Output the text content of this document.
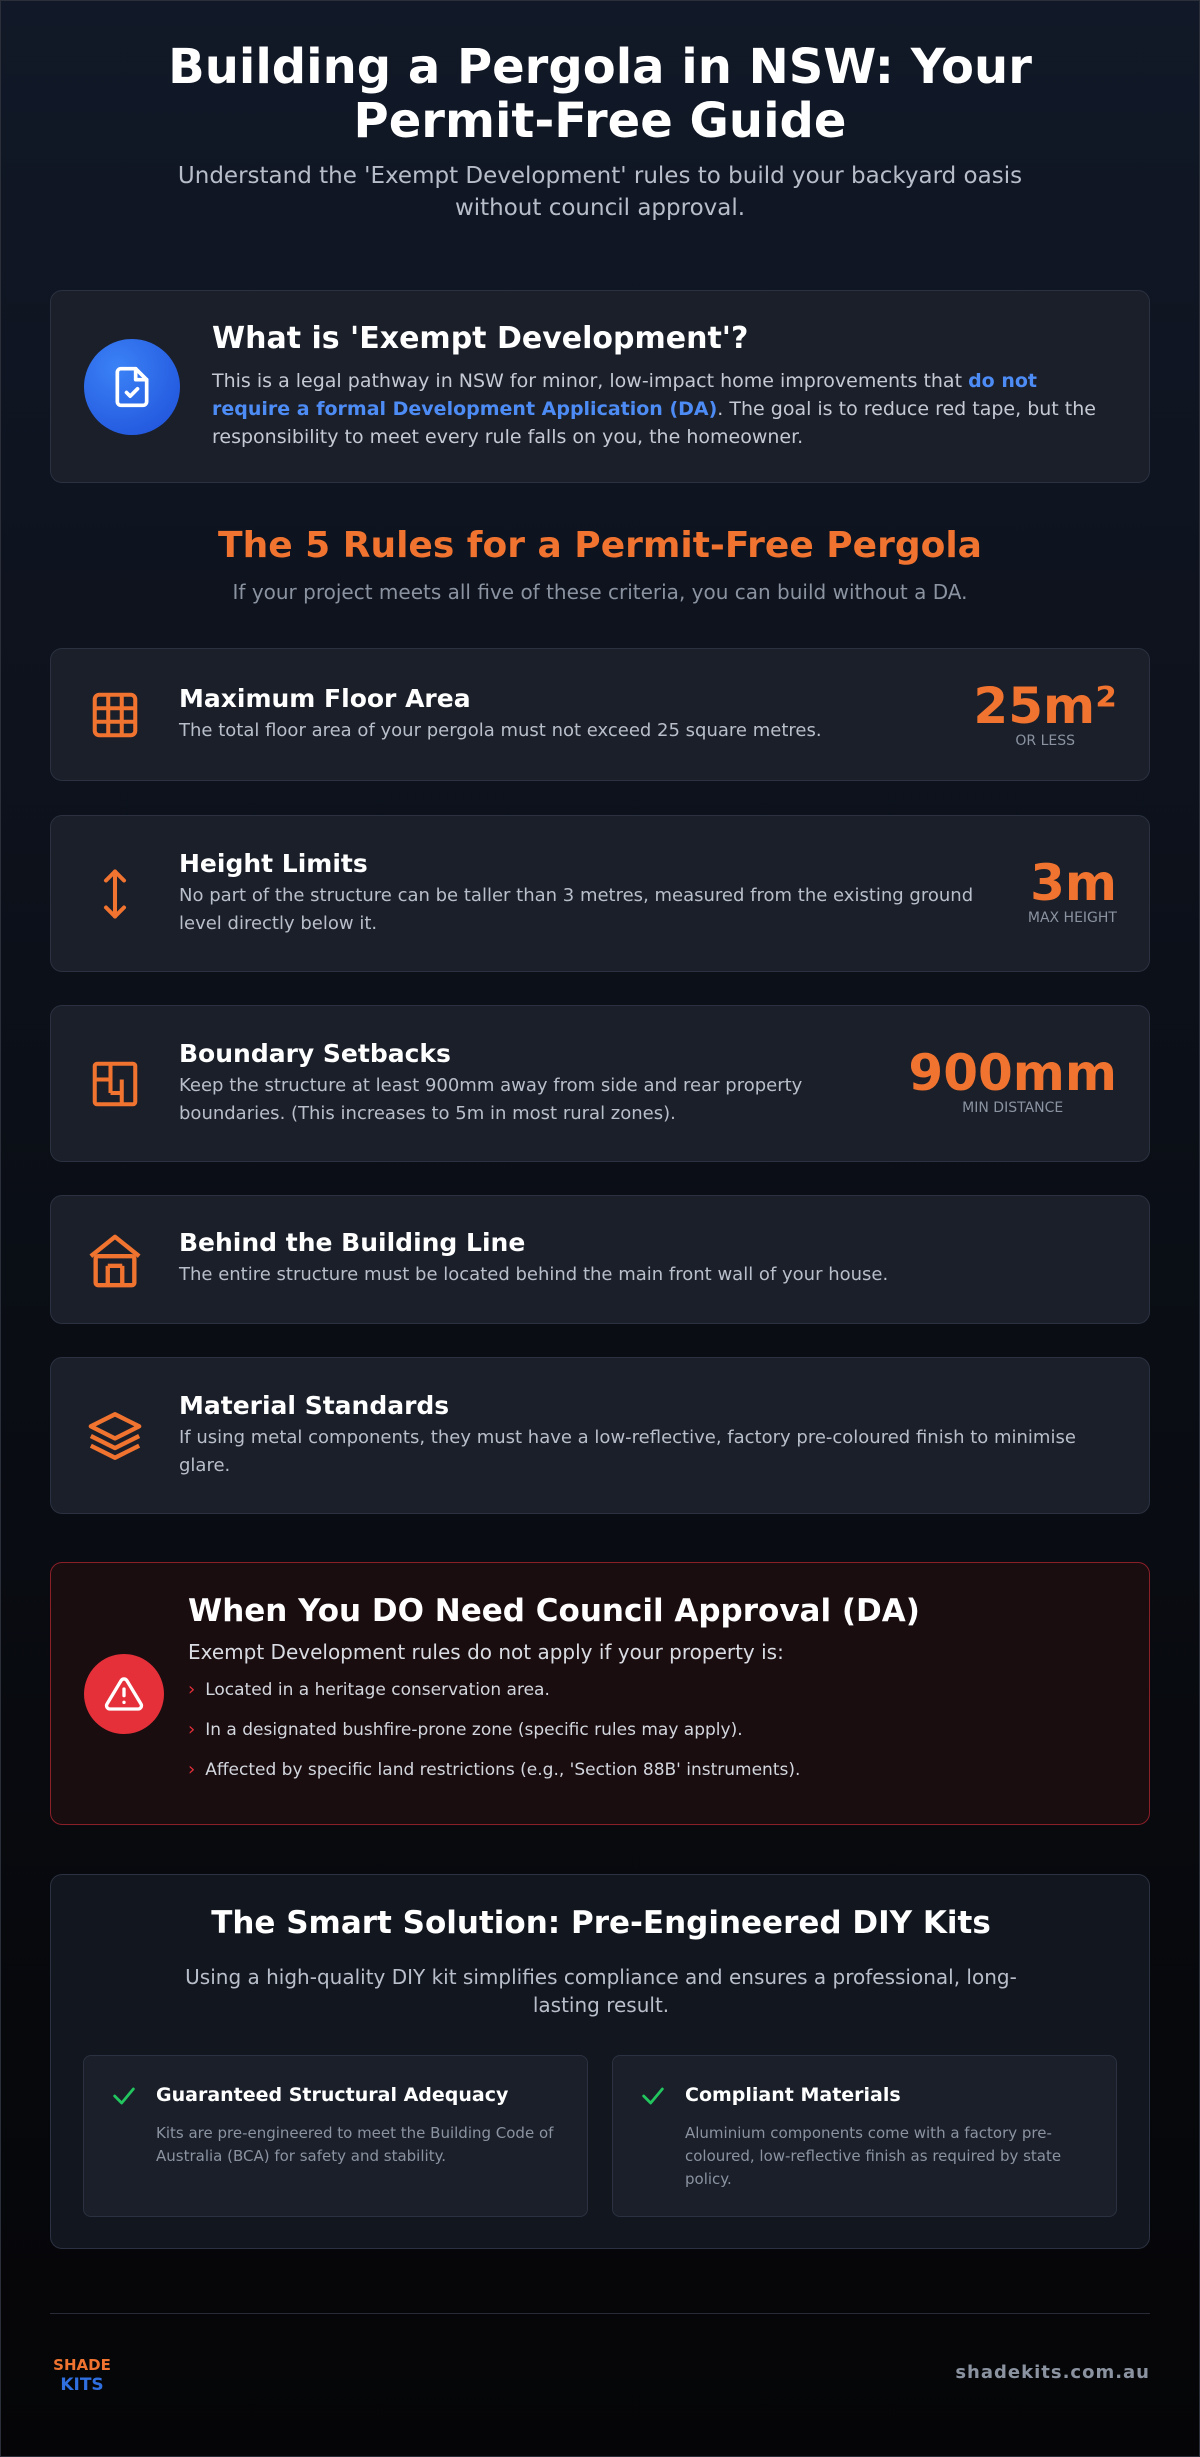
Building a Pergola in NSW: Your Permit-Free Guide

Understand the 'Exempt Development' rules to build your backyard oasis without council approval.

What is 'Exempt Development'?

This is a legal pathway in NSW for minor, low-impact home improvements that do not require a formal Development Application (DA). The goal is to reduce red tape, but the responsibility to meet every rule falls on you, the homeowner.

The 5 Rules for a Permit-Free Pergola

If your project meets all five of these criteria, you can build without a DA.

Maximum Floor Area

The total floor area of your pergola must not exceed 25 square metres.	25m²
OR LESS
Height Limits

No part of the structure can be taller than 3 metres, measured from the existing ground level directly below it.

3m
MAX HEIGHT
Boundary Setbacks

Keep the structure at least 900mm away from side and rear property boundaries. (This increases to 5m in most rural zones).

900mm
MIN DISTANCE
Behind the Building Line

The entire structure must be located behind the main front wall of your house.

Material Standards

If using metal components, they must have a low-reflective, factory pre-coloured finish to minimise glare.

When You DO Need Council Approval (DA)

Exempt Development rules do not apply if your property is:

› Located in a heritage conservation area.
› In a designated bushfire-prone zone (specific rules may apply).
› Affected by specific land restrictions (e.g., 'Section 88B' instruments).
The Smart Solution: Pre-Engineered DIY Kits

Using a high-quality DIY kit simplifies compliance and ensures a professional, long-lasting result.

Guaranteed Structural Adequacy

Kits are pre-engineered to meet the Building Code of Australia (BCA) for safety and stability.

Compliant Materials

Aluminium components come with a factory pre-coloured, low-reflective finish as required by state policy.

SHADE
KITS

shadekits.com.au
